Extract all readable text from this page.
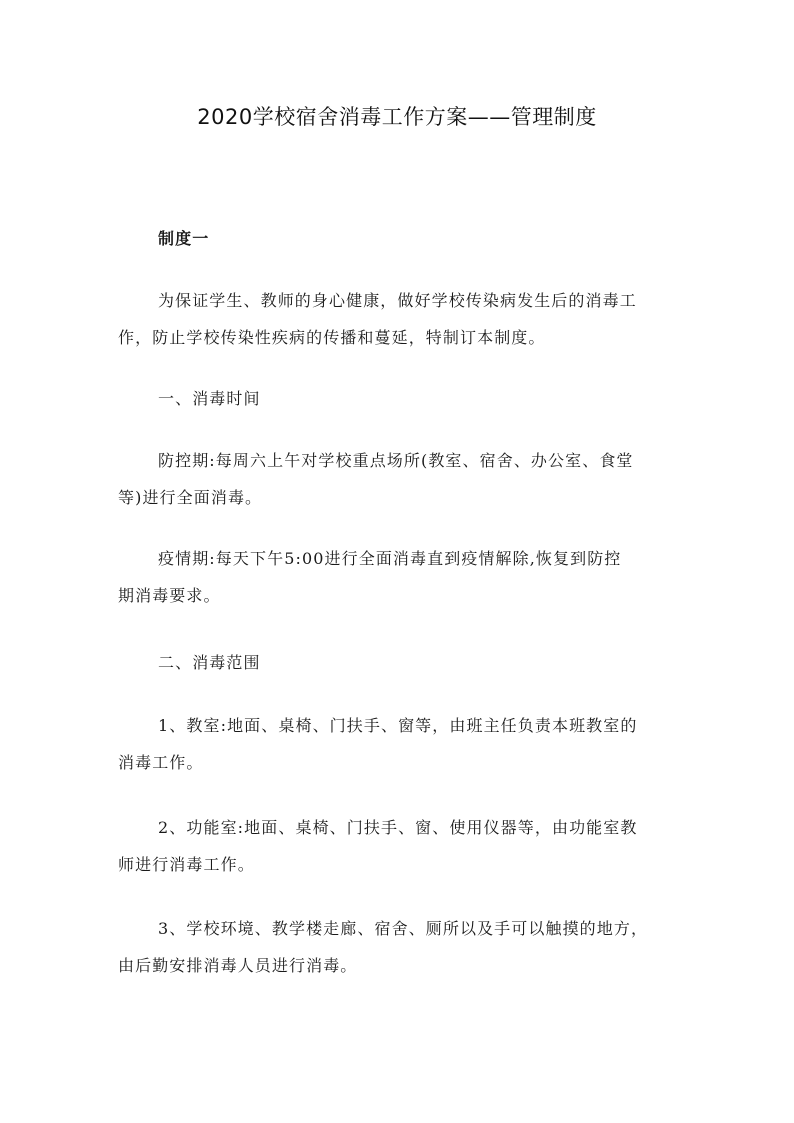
2020学校宿舍消毒工作方案——管理制度
制度一
为保证学生、教师的身心健康，做好学校传染病发生后的消毒工
作，防止学校传染性疾病的传播和蔓延，特制订本制度。
一、消毒时间
防控期:每周六上午对学校重点场所(教室、宿舍、办公室、食堂
等)进行全面消毒。
疫情期:每天下午5:00进行全面消毒直到疫情解除,恢复到防控
期消毒要求。
二、消毒范围
1、教室:地面、桌椅、门扶手、窗等，由班主任负责本班教室的
消毒工作。
2、功能室:地面、桌椅、门扶手、窗、使用仪器等，由功能室教
师进行消毒工作。
3、学校环境、教学楼走廊、宿舍、厕所以及手可以触摸的地方，
由后勤安排消毒人员进行消毒。
